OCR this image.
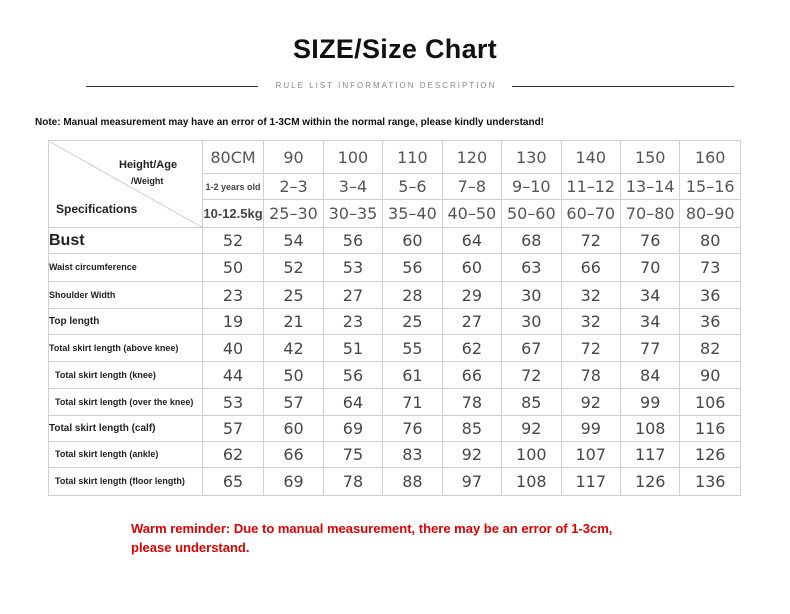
SIZE/Size Chart
RULE LIST INFORMATION DESCRIPTION
Note: Manual measurement may have an error of 1-3CM within the normal range, please kindly understand!
Height/Age
/Weight
Specifications	80CM	90	100	110	120	130	140	150	160
	1-2 years old	2–3	3–4	5–6	7–8	9–10	11–12	13–14	15–16
	10-12.5kg	25–30	30–35	35–40	40–50	50–60	60–70	70–80	80–90
Bust	52	54	56	60	64	68	72	76	80
Waist circumference	50	52	53	56	60	63	66	70	73
Shoulder Width	23	25	27	28	29	30	32	34	36
Top length	19	21	23	25	27	30	32	34	36
Total skirt length (above knee)	40	42	51	55	62	67	72	77	82
Total skirt length (knee)	44	50	56	61	66	72	78	84	90
Total skirt length (over the knee)	53	57	64	71	78	85	92	99	106
Total skirt length (calf)	57	60	69	76	85	92	99	108	116
Total skirt length (ankle)	62	66	75	83	92	100	107	117	126
Total skirt length (floor length)	65	69	78	88	97	108	117	126	136
Warm reminder: Due to manual measurement, there may be an error of 1-3cm,
please understand.
